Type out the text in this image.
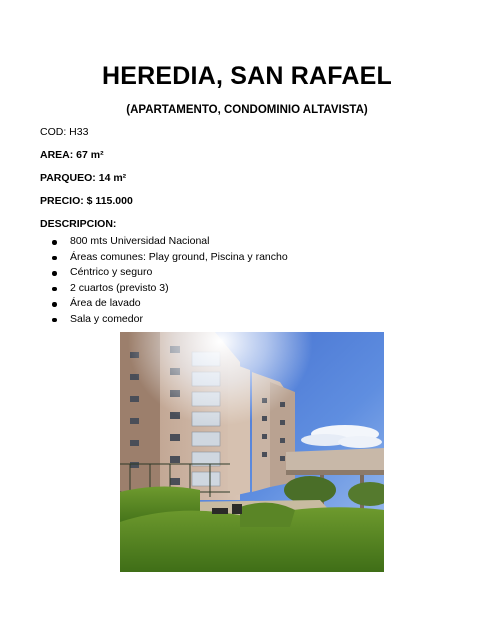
HEREDIA, SAN RAFAEL
(APARTAMENTO, CONDOMINIO ALTAVISTA)
COD: H33
AREA: 67 m²
PARQUEO: 14 m²
PRECIO: $ 115.000
DESCRIPCION:
800 mts Universidad Nacional
Áreas comunes: Play ground, Piscina y rancho
Céntrico y seguro
2 cuartos (previsto 3)
Área de lavado
Sala y comedor
